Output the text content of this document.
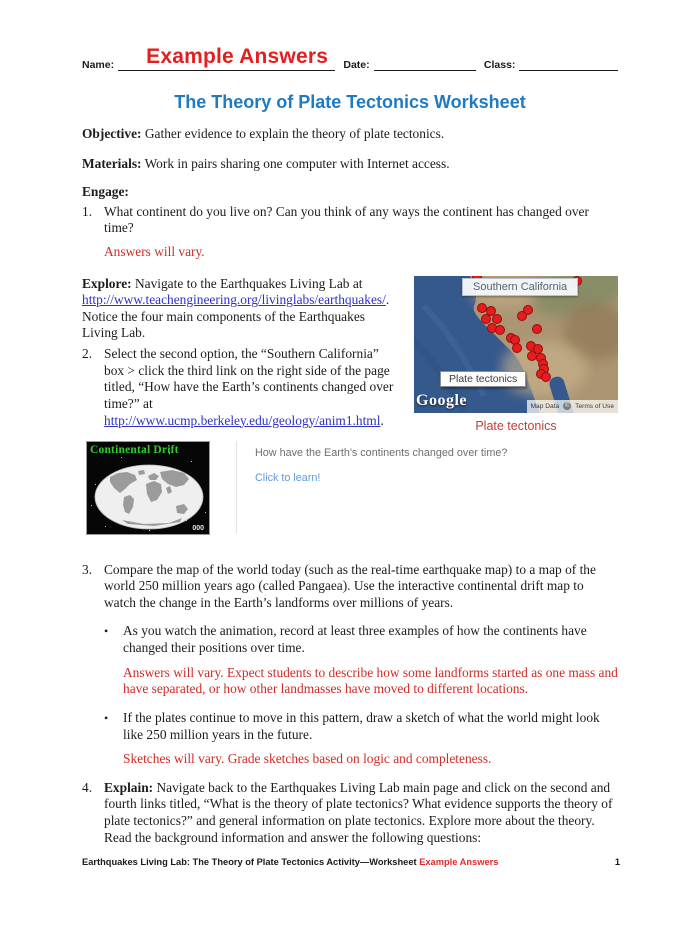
Name: Example Answers Date:	Class:
The Theory of Plate Tectonics Worksheet

Objective: Gather evidence to explain the theory of plate tectonics.

Materials: Work in pairs sharing one computer with Internet access.

Engage:

1. What continent do you live on? Can you think of any ways the continent has changed over time?
Answers will vary.

Explore: Navigate to the Earthquakes Living Lab at http://www.teachengineering.org/livinglabs/earthquakes/. Notice the four main components of the Earthquakes Living Lab.

2. Select the second option, the “Southern California” box > click the third link on the right side of the page titled, “How have the Earth’s continents changed over time?” at http://www.ucmp.berkeley.edu/geology/anim1.html.
Southern California
Plate tectonics
Google	Map Data © Terms of Use
Plate tectonics
Continental Drift
000
How have the Earth's continents changed over time?
Click to learn!
3. Compare the map of the world today (such as the real-time earthquake map) to a map of the world 250 million years ago (called Pangaea). Use the interactive continental drift map to watch the change in the Earth’s landforms over millions of years.
•	As you watch the animation, record at least three examples of how the continents have changed their positions over time.
Answers will vary. Expect students to describe how some landforms started as one mass and have separated, or how other landmasses have moved to different locations.
•	If the plates continue to move in this pattern, draw a sketch of what the world might look like 250 million years in the future.
Sketches will vary. Grade sketches based on logic and completeness.
4. Explain: Navigate back to the Earthquakes Living Lab main page and click on the second and fourth links titled, “What is the theory of plate tectonics? What evidence supports the theory of plate tectonics?” and general information on plate tectonics. Explore more about the theory. Read the background information and answer the following questions:
Earthquakes Living Lab: The Theory of Plate Tectonics Activity—Worksheet Example Answers	1
